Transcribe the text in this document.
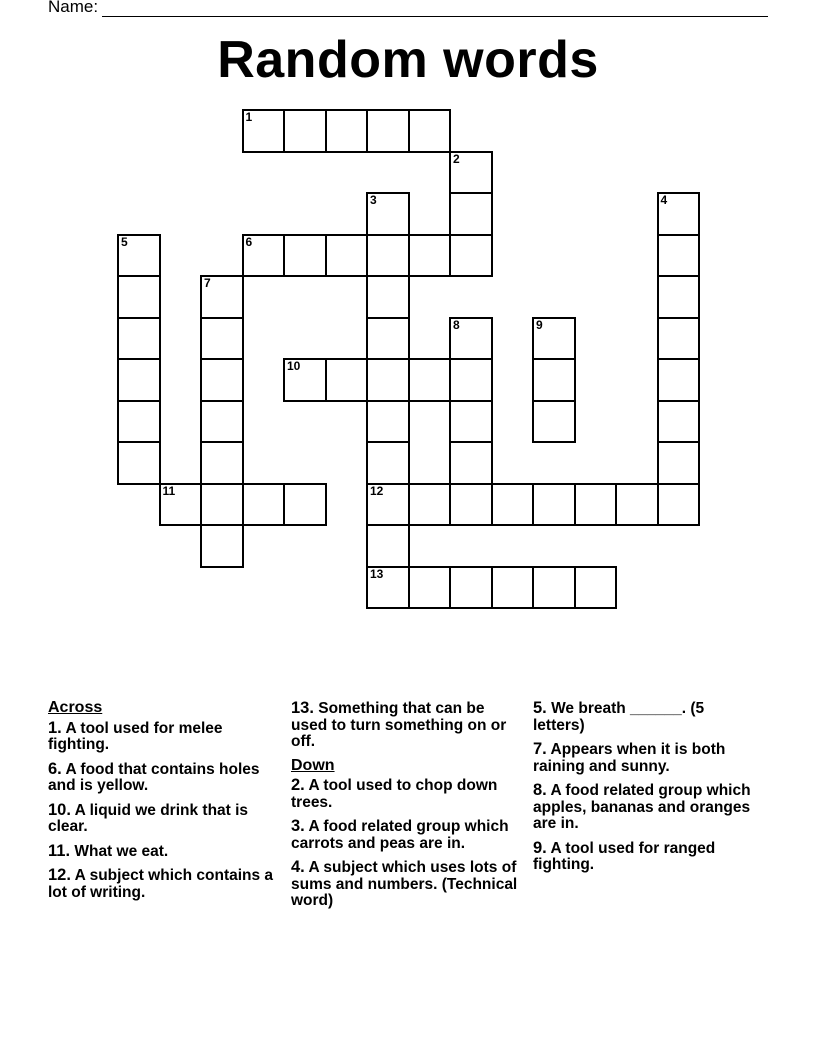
Name:
Random words
1
2
3
12
13
4
5	6
7
8	9
10
11
Across
1. A tool used for melee fighting.
6. A food that contains holes and is yellow.
10. A liquid we drink that is clear.
11. What we eat.
12. A subject which contains a lot of writing.
13. Something that can be used to turn something on or off.
Down
2. A tool used to chop down trees.
3. A food related group which carrots and peas are in.
4. A subject which uses lots of sums and numbers. (Technical word)
5. We breath ______. (5 letters)
7. Appears when it is both raining and sunny.
8. A food related group which apples, bananas and oranges are in.
9. A tool used for ranged fighting.
